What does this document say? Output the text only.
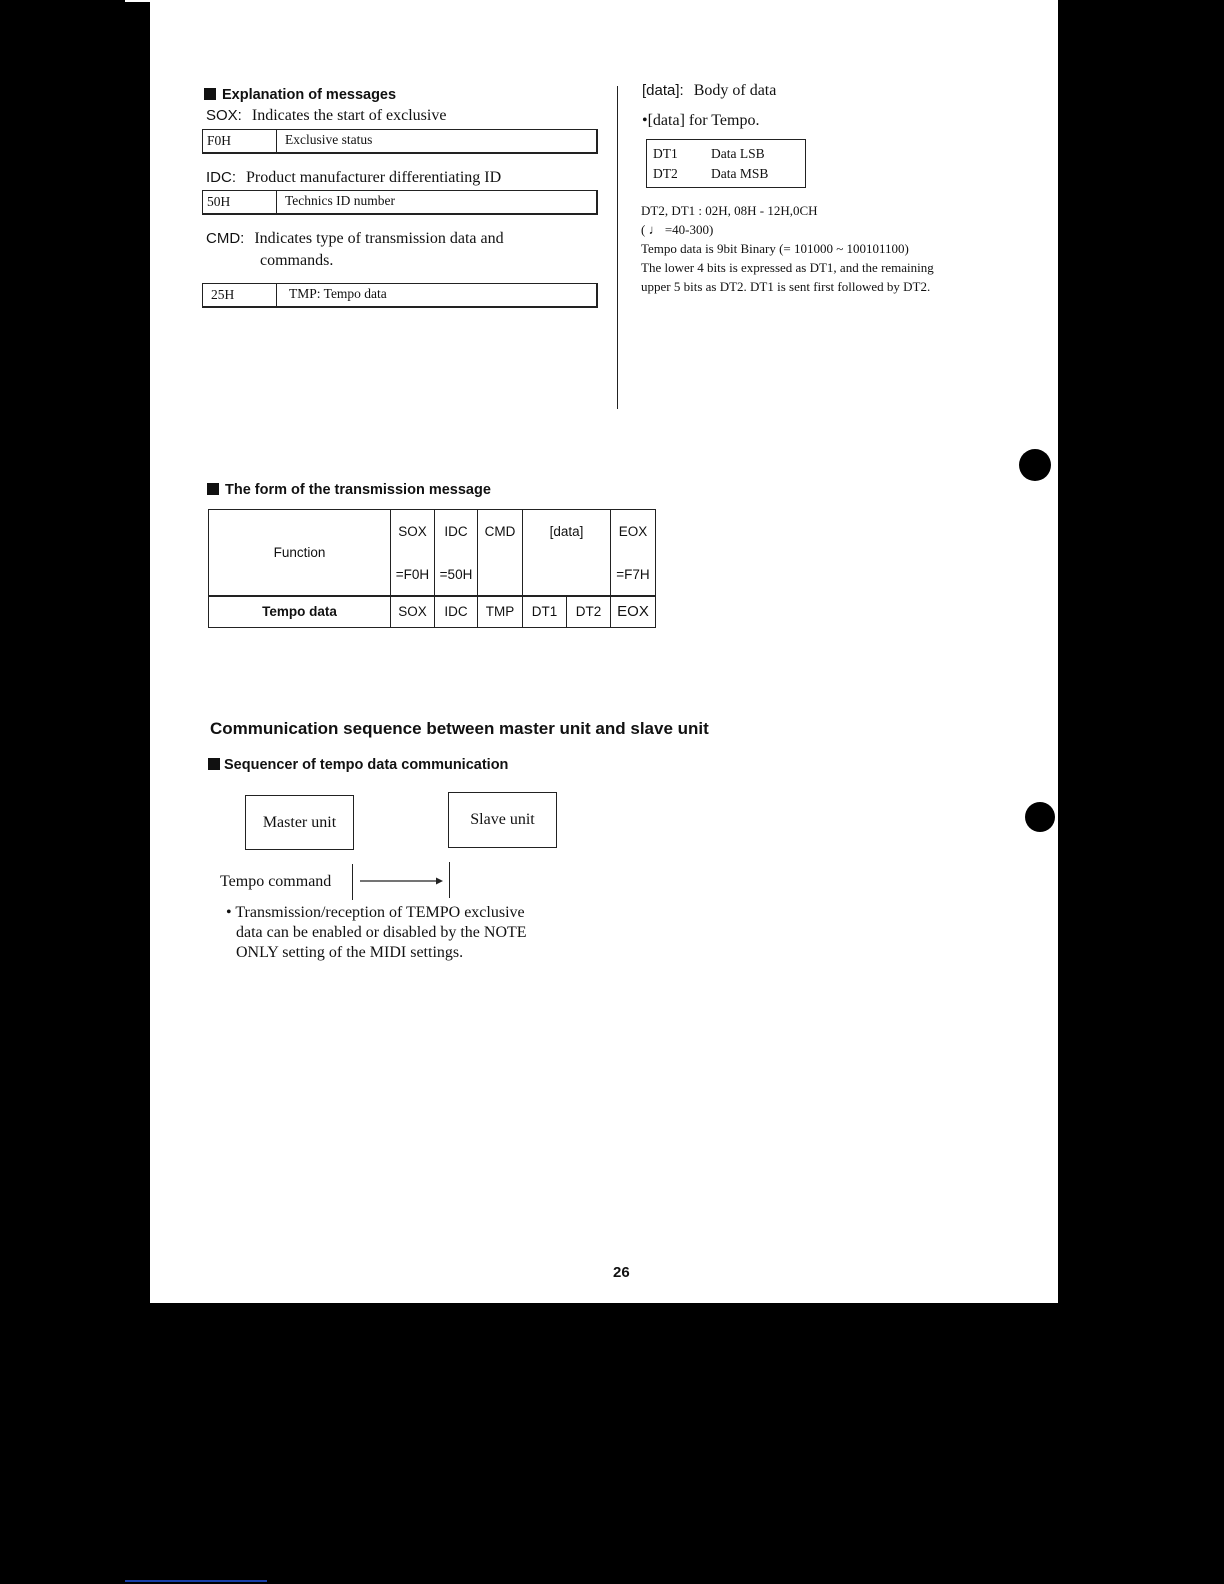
Explanation of messages
SOX: Indicates the start of exclusive
F0H	Exclusive status
IDC: Product manufacturer differentiating ID
50H	Technics ID number
CMD: Indicates type of transmission data and
commands.
25H	TMP: Tempo data
[data]: Body of data
•[data] for Tempo.
DT1 Data LSB
DT2 Data MSB
DT2, DT1 : 02H, 08H - 12H,0CH
( ♩ =40-300)
Tempo data is 9bit Binary (= 101000 ~ 100101100)
The lower 4 bits is expressed as DT1, and the remaining
upper 5 bits as DT2. DT1 is sent first followed by DT2.
The form of the transmission message
Function	SOX	IDC	CMD	[data]		EOX
	=F0H	=50H				=F7H
Tempo data	SOX	IDC	TMP	DT1	DT2	EOX
Communication sequence between master unit and slave unit
Sequencer of tempo data communication
Master unit	Slave unit
Tempo command
• Transmission/reception of TEMPO exclusive
data can be enabled or disabled by the NOTE
ONLY setting of the MIDI settings.
26
